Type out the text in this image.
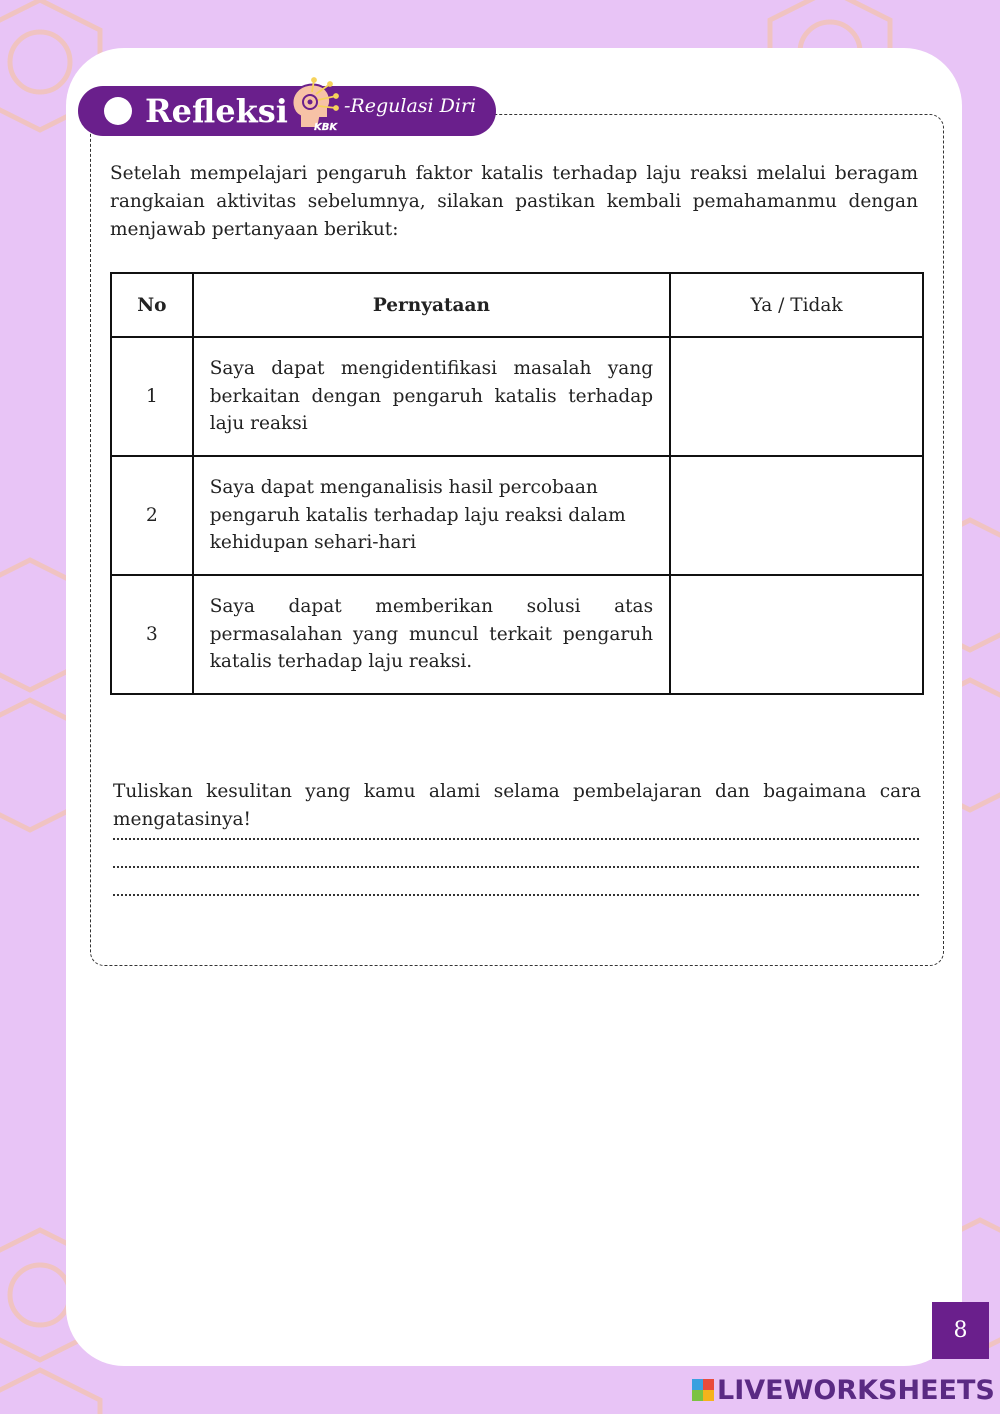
Refleksi	KBK
-Regulasi Diri
Setelah mempelajari pengaruh faktor katalis terhadap laju reaksi melalui beragam rangkaian aktivitas sebelumnya, silakan pastikan kembali pemahamanmu dengan menjawab pertanyaan berikut:
No	Pernyataan	Ya / Tidak
1	Saya dapat mengidentifikasi masalah yang berkaitan dengan pengaruh katalis terhadap laju reaksi	

2	Saya dapat menganalisis hasil percobaan pengaruh katalis terhadap laju reaksi dalam kehidupan sehari-hari	

3	Saya dapat memberikan solusi atas permasalahan yang muncul terkait pengaruh katalis terhadap laju reaksi.	

Tuliskan kesulitan yang kamu alami selama pembelajaran dan bagaimana cara mengatasinya!
8
LIVEWORKSHEETS
